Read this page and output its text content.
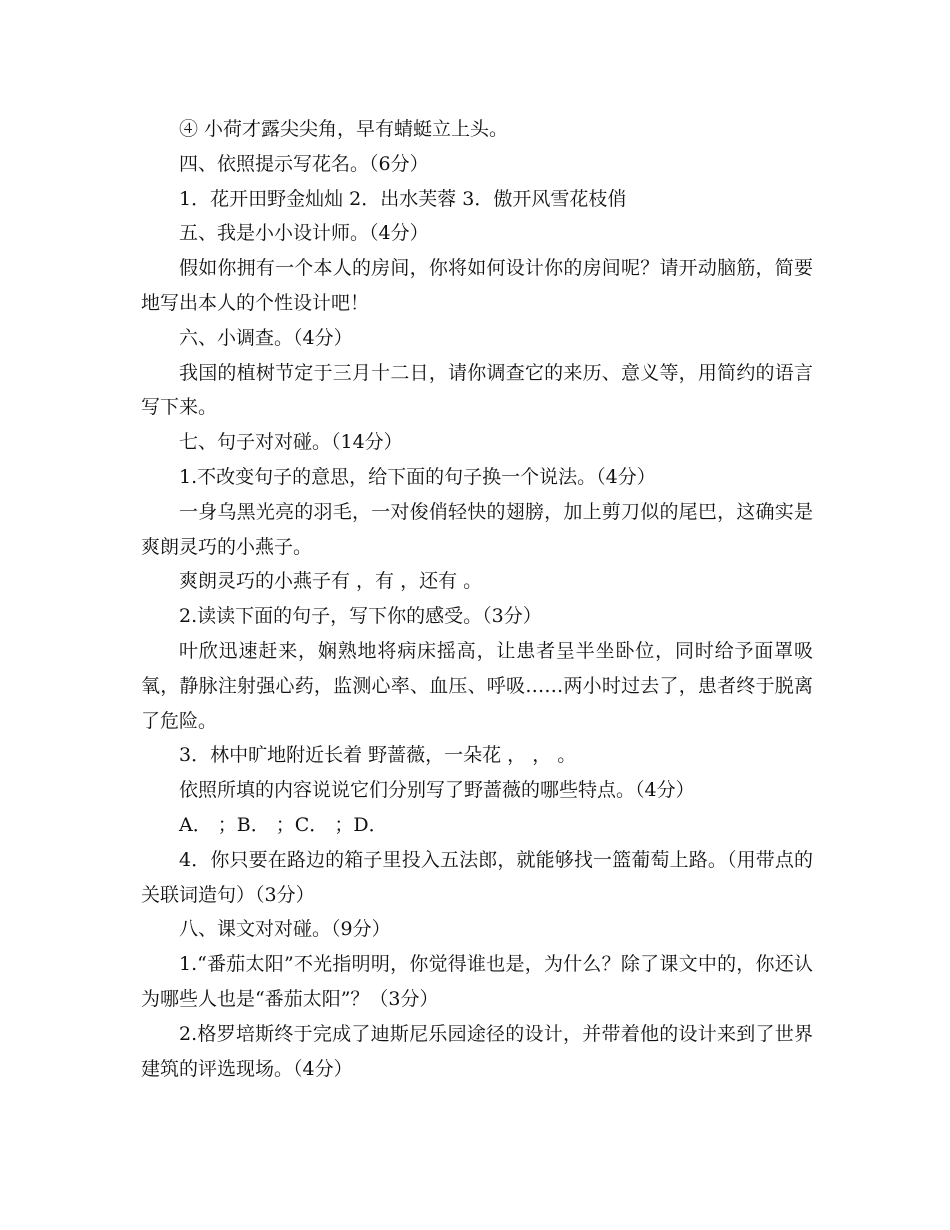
④ 小荷才露尖尖角，早有蜻蜓立上头。

四、依照提示写花名。（6分）

1．花开田野金灿灿 2．出水芙蓉 3．傲开风雪花枝俏

五、我是小小设计师。（4分）

假如你拥有一个本人的房间，你将如何设计你的房间呢？请开动脑筋，简要地写出本人的个性设计吧！

六、小调查。（4分）

我国的植树节定于三月十二日，请你调查它的来历、意义等，用简约的语言写下来。

七、句子对对碰。（14分）

1.不改变句子的意思，给下面的句子换一个说法。（4分）

一身乌黑光亮的羽毛，一对俊俏轻快的翅膀，加上剪刀似的尾巴，这确实是爽朗灵巧的小燕子。

爽朗灵巧的小燕子有 ，有 ，还有 。

2.读读下面的句子，写下你的感受。（3分）

叶欣迅速赶来，娴熟地将病床摇高，让患者呈半坐卧位，同时给予面罩吸氧，静脉注射强心药，监测心率、血压、呼吸……两小时过去了，患者终于脱离了危险。

3．林中旷地附近长着 野蔷薇，一朵花 ， ， 。

依照所填的内容说说它们分别写了野蔷薇的哪些特点。（4分）

A． ；B． ；C． ；D．

4．你只要在路边的箱子里投入五法郎，就能够找一篮葡萄上路。（用带点的关联词造句）（3分）

八、课文对对碰。（9分）

1.“番茄太阳”不光指明明，你觉得谁也是，为什么？除了课文中的，你还认为哪些人也是“番茄太阳”？（3分）

2.格罗培斯终于完成了迪斯尼乐园途径的设计，并带着他的设计来到了世界建筑的评选现场。（4分）
